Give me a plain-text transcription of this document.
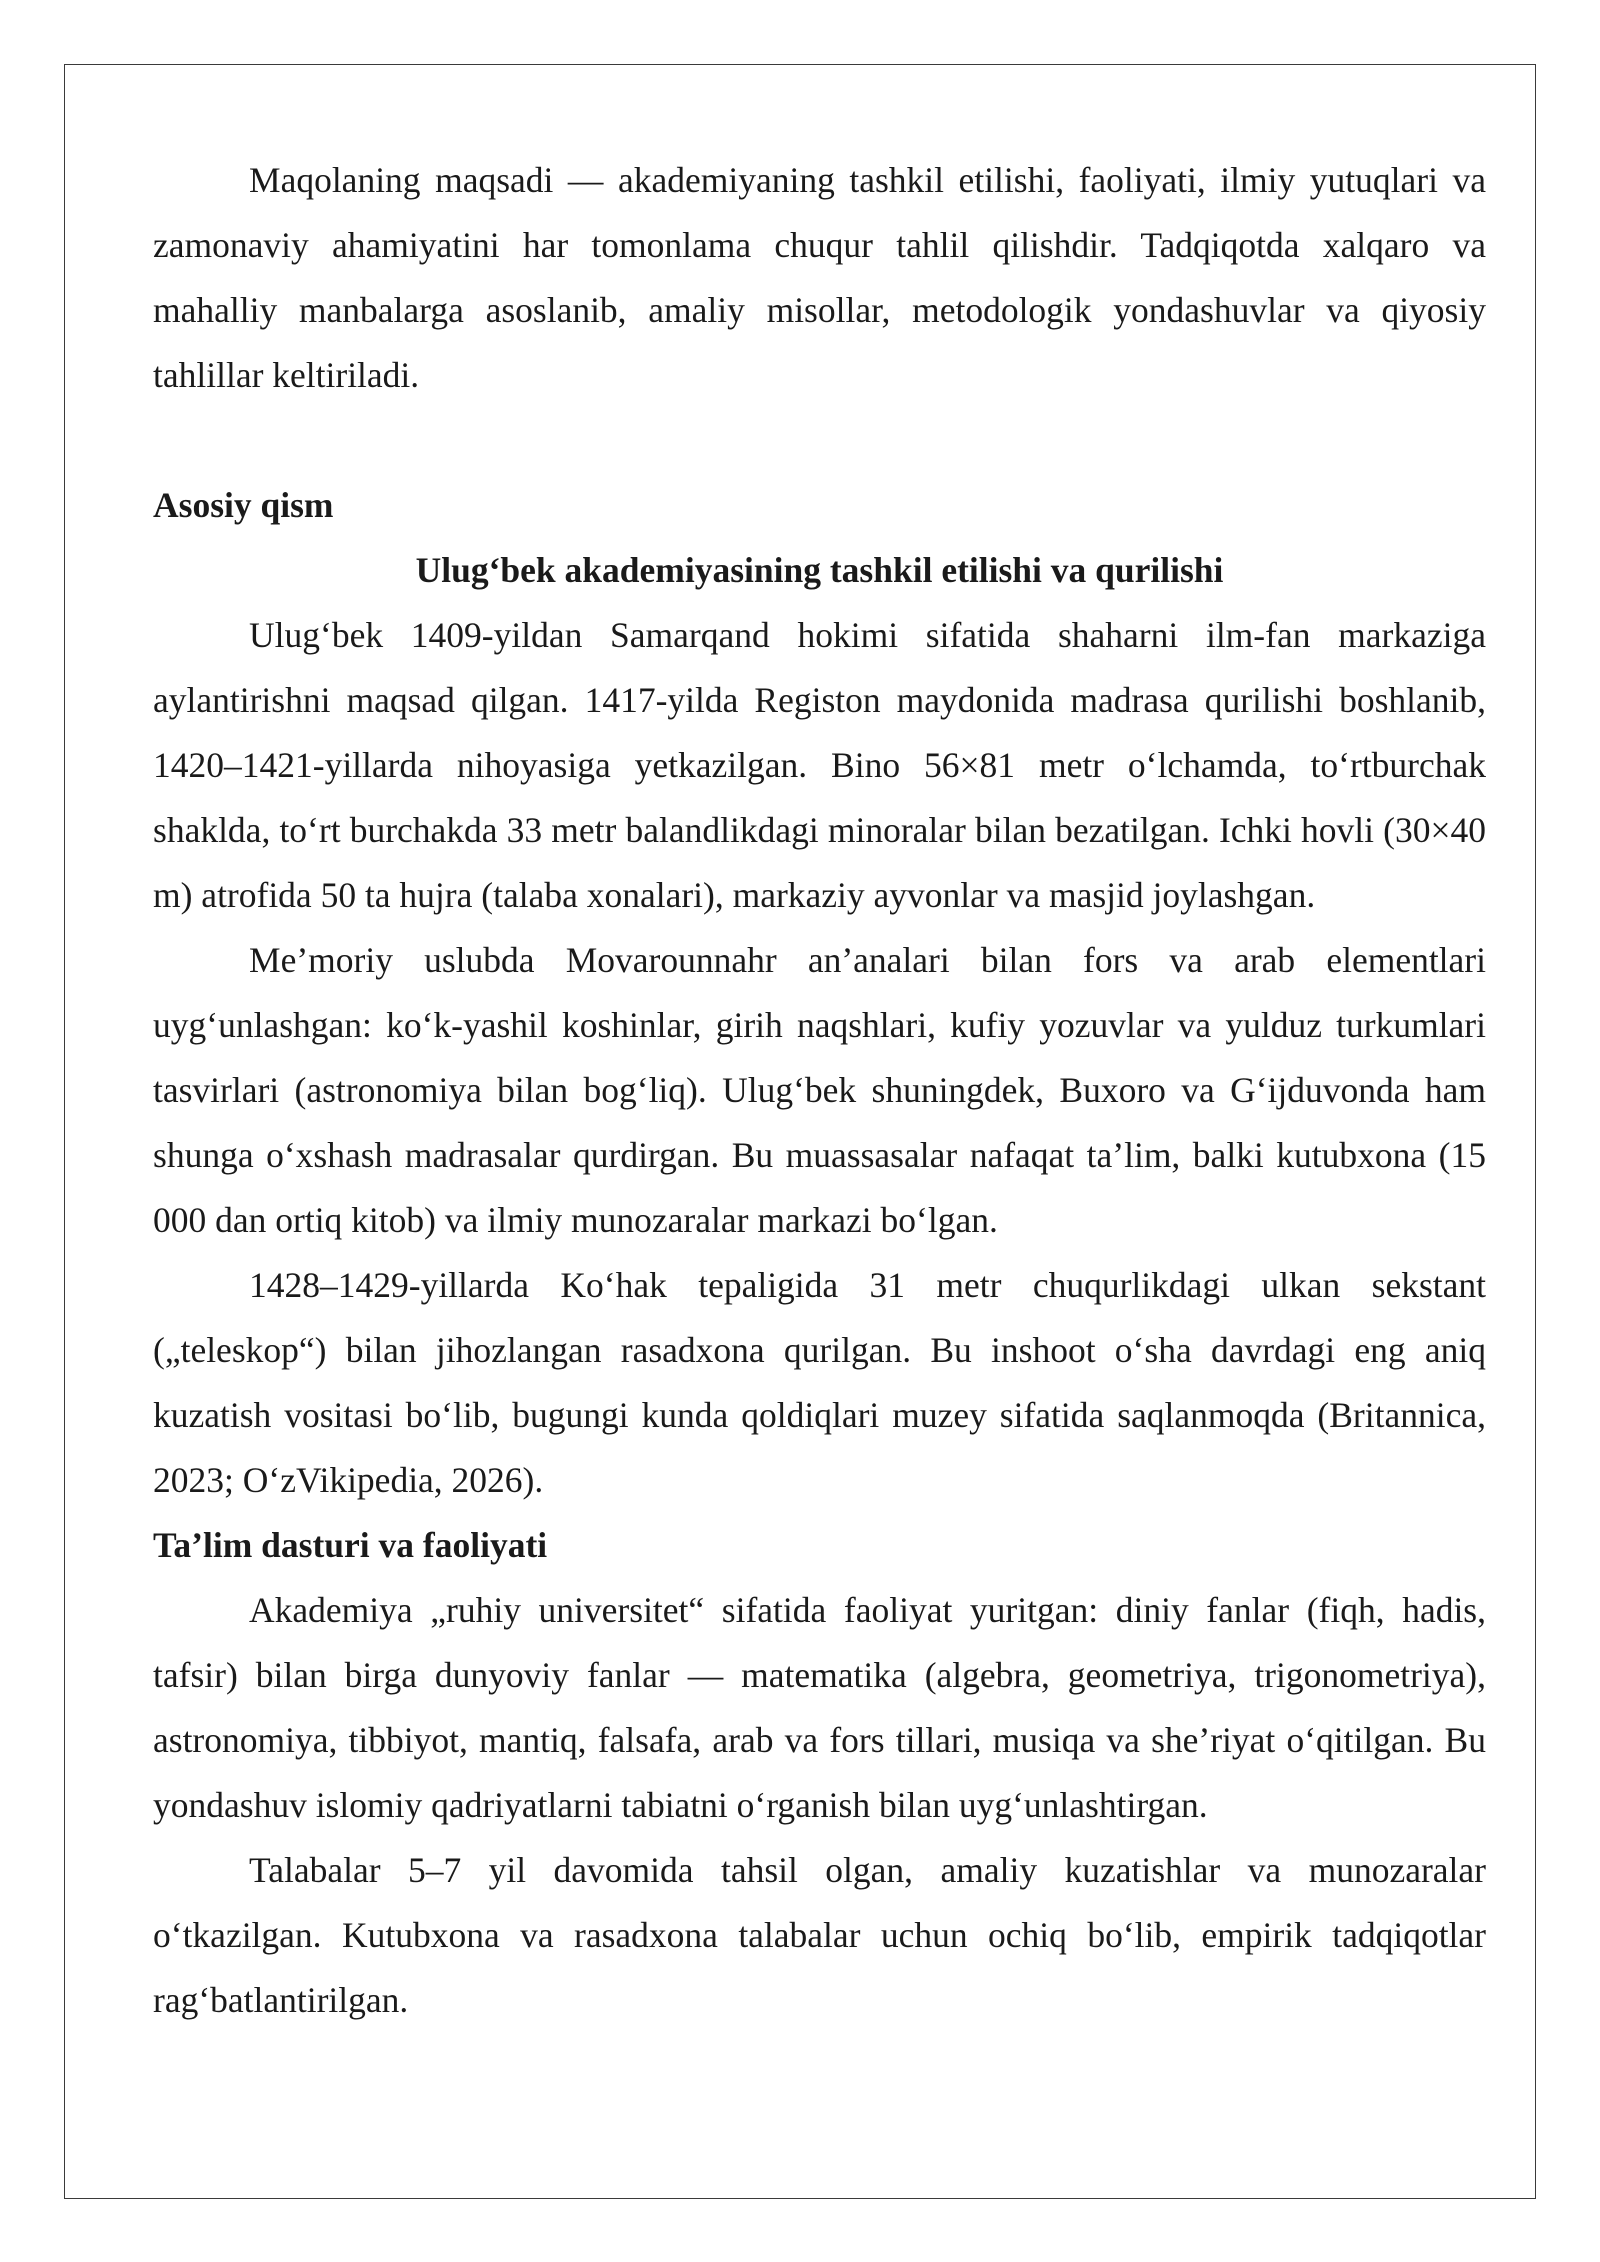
Maqolaning maqsadi — akademiyaning tashkil etilishi, faoliyati, ilmiy yutuqlari va zamonaviy ahamiyatini har tomonlama chuqur tahlil qilishdir. Tadqiqotda xalqaro va mahalliy manbalarga asoslanib, amaliy misollar, metodologik yondashuvlar va qiyosiy tahlillar keltiriladi.

Asosiy qism

Ulug‘bek akademiyasining tashkil etilishi va qurilishi

Ulug‘bek 1409-yildan Samarqand hokimi sifatida shaharni ilm-fan markaziga aylantirishni maqsad qilgan. 1417-yilda Registon maydonida madrasa qurilishi boshlanib, 1420–1421-yillarda nihoyasiga yetkazilgan. Bino 56×81 metr o‘lchamda, to‘rtburchak shaklda, to‘rt burchakda 33 metr balandlikdagi minoralar bilan bezatilgan. Ichki hovli (30×40 m) atrofida 50 ta hujra (talaba xonalari), markaziy ayvonlar va masjid joylashgan.

Me’moriy uslubda Movarounnahr an’analari bilan fors va arab elementlari uyg‘unlashgan: ko‘k-yashil koshinlar, girih naqshlari, kufiy yozuvlar va yulduz turkumlari tasvirlari (astronomiya bilan bog‘liq). Ulug‘bek shuningdek, Buxoro va G‘ijduvonda ham shunga o‘xshash madrasalar qurdirgan. Bu muassasalar nafaqat ta’lim, balki kutubxona (15 000 dan ortiq kitob) va ilmiy munozaralar markazi bo‘lgan.

1428–1429-yillarda Ko‘hak tepaligida 31 metr chuqurlikdagi ulkan sekstant („teleskop“) bilan jihozlangan rasadxona qurilgan. Bu inshoot o‘sha davrdagi eng aniq kuzatish vositasi bo‘lib, bugungi kunda qoldiqlari muzey sifatida saqlanmoqda (Britannica, 2023; O‘zVikipedia, 2026).

Ta’lim dasturi va faoliyati

Akademiya „ruhiy universitet“ sifatida faoliyat yuritgan: diniy fanlar (fiqh, hadis, tafsir) bilan birga dunyoviy fanlar — matematika (algebra, geometriya, trigonometriya), astronomiya, tibbiyot, mantiq, falsafa, arab va fors tillari, musiqa va she’riyat o‘qitilgan. Bu yondashuv islomiy qadriyatlarni tabiatni o‘rganish bilan uyg‘unlashtirgan.

Talabalar 5–7 yil davomida tahsil olgan, amaliy kuzatishlar va munozaralar o‘tkazilgan. Kutubxona va rasadxona talabalar uchun ochiq bo‘lib, empirik tadqiqotlar rag‘batlantirilgan.
